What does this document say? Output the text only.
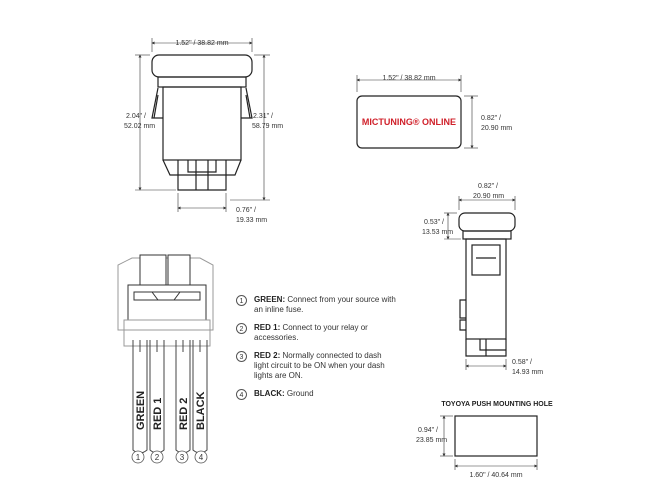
1.52" / 38.82 mm
2.04" /
52.02 mm
2.31" /
58.79 mm
0.76" /
19.33 mm
1.52" / 38.82 mm
MICTUNING® ONLINE	0.82" /
20.90 mm
0.82" /
20.90 mm
0.53" /
13.53 mm
0.58" /
14.93 mm
TOYOYA PUSH MOUNTING HOLE
0.94" /
23.85 mm
1.60" / 40.64 mm
GREEN RED 1 RED 2 BLACK
1 2	3 4
1	GREEN: Connect from your source with an inline fuse.
2	RED 1: Connect to your relay or accessories.
3	RED 2: Normally connected to dash light circuit to be ON when your dash lights are ON.
4	BLACK: Ground
